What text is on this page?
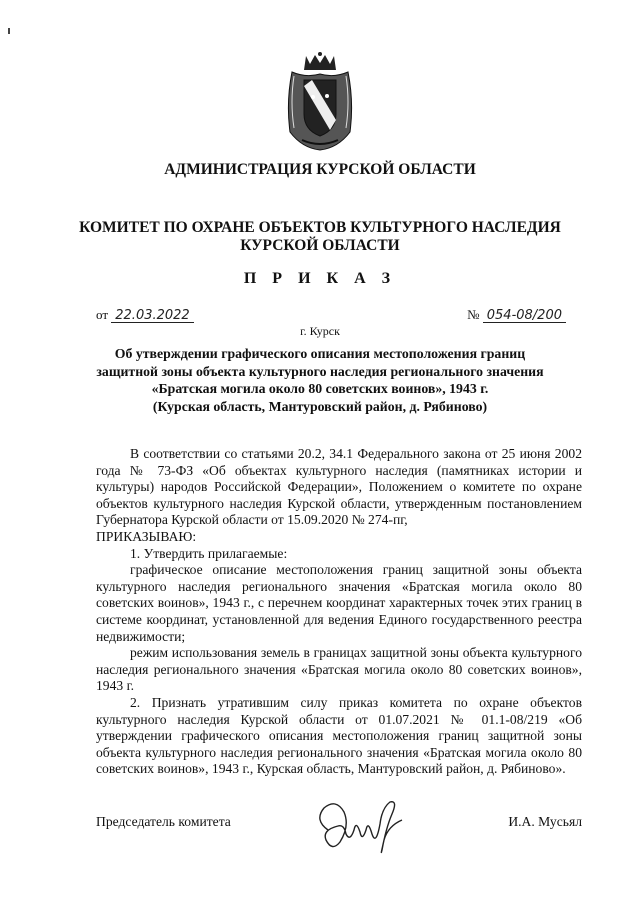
АДМИНИСТРАЦИЯ КУРСКОЙ ОБЛАСТИ
КОМИТЕТ ПО ОХРАНЕ ОБЪЕКТОВ КУЛЬТУРНОГО НАСЛЕДИЯ
КУРСКОЙ ОБЛАСТИ
П Р И К А З
от 22.03.2022	№ 054-08/200
г. Курск
Об утверждении графического описания местоположения границ
защитной зоны объекта культурного наследия регионального значения
«Братская могила около 80 советских воинов», 1943 г.
(Курская область, Мантуровский район, д. Рябиново)

В соответствии со статьями 20.2, 34.1 Федерального закона от 25 июня 2002 года № 73-ФЗ «Об объектах культурного наследия (памятниках истории и культуры) народов Российской Федерации», Положением о комитете по охране объектов культурного наследия Курской области, утвержденным постановлением Губернатора Курской области от 15.09.2020 № 274-пг,

ПРИКАЗЫВАЮ:

1. Утвердить прилагаемые:

графическое описание местоположения границ защитной зоны объекта культурного наследия регионального значения «Братская могила около 80 советских воинов», 1943 г., с перечнем координат характерных точек этих границ в системе координат, установленной для ведения Единого государственного реестра недвижимости;

режим использования земель в границах защитной зоны объекта культурного наследия регионального значения «Братская могила около 80 советских воинов», 1943 г.

2. Признать утратившим силу приказ комитета по охране объектов культурного наследия Курской области от 01.07.2021 № 01.1-08/219 «Об утверждении графического описания местоположения границ защитной зоны объекта культурного наследия регионального значения «Братская могила около 80 советских воинов», 1943 г., Курская область, Мантуровский район, д. Рябиново».

Председатель комитета	И.А. Мусьял
